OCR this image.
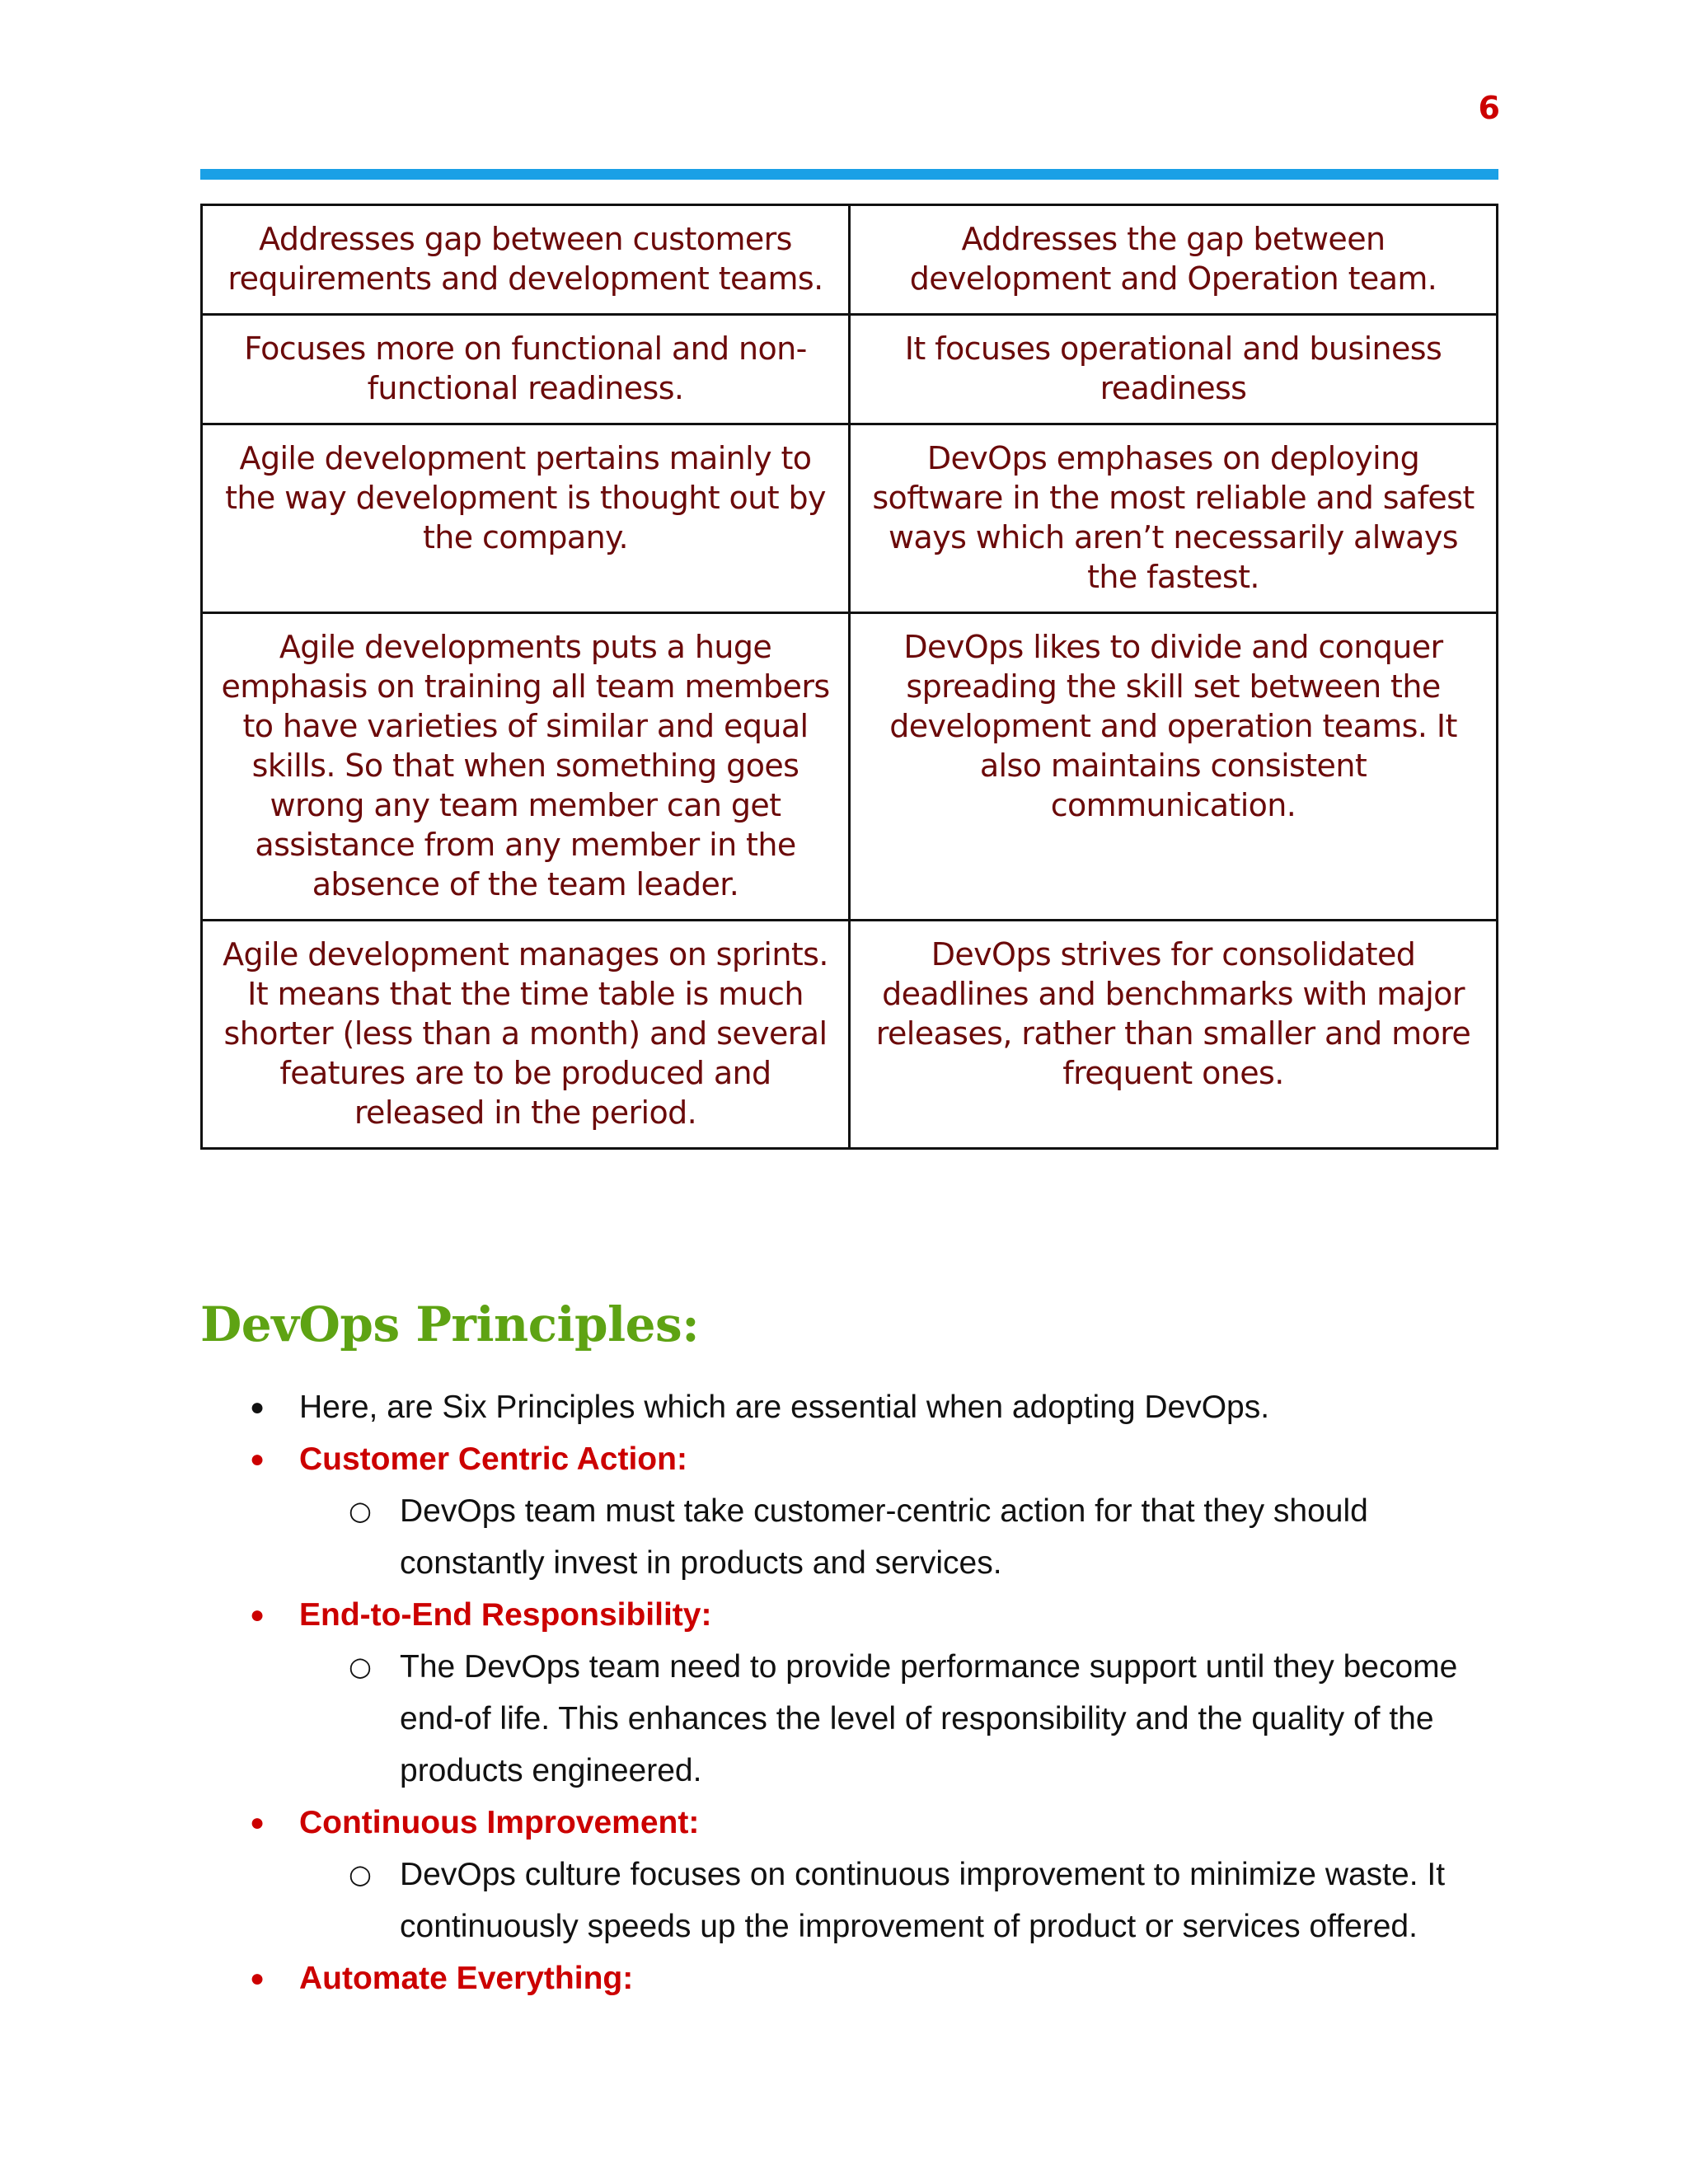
6
Addresses gap between customers requirements and development teams.	Addresses the gap between development and Operation team.
Focuses more on functional and non-functional readiness.	It focuses operational and business readiness
Agile development pertains mainly to the way development is thought out by the company.	DevOps emphases on deploying software in the most reliable and safest ways which aren’t necessarily always the fastest.
Agile developments puts a huge emphasis on training all team members to have varieties of similar and equal skills. So that when something goes wrong any team member can get assistance from any member in the absence of the team leader.	DevOps likes to divide and conquer spreading the skill set between the development and operation teams. It also maintains consistent communication.
Agile development manages on sprints. It means that the time table is much shorter (less than a month) and several features are to be produced and released in the period.	DevOps strives for consolidated deadlines and benchmarks with major releases, rather than smaller and more frequent ones.
DevOps Principles:
● Here, are Six Principles which are essential when adopting DevOps.
● Customer Centric Action:
○ DevOps team must take customer-centric action for that they should constantly invest in products and services.
● End-to-End Responsibility:
○ The DevOps team need to provide performance support until they become end-of life. This enhances the level of responsibility and the quality of the products engineered.
● Continuous Improvement:
○ DevOps culture focuses on continuous improvement to minimize waste. It continuously speeds up the improvement of product or services offered.
● Automate Everything:
